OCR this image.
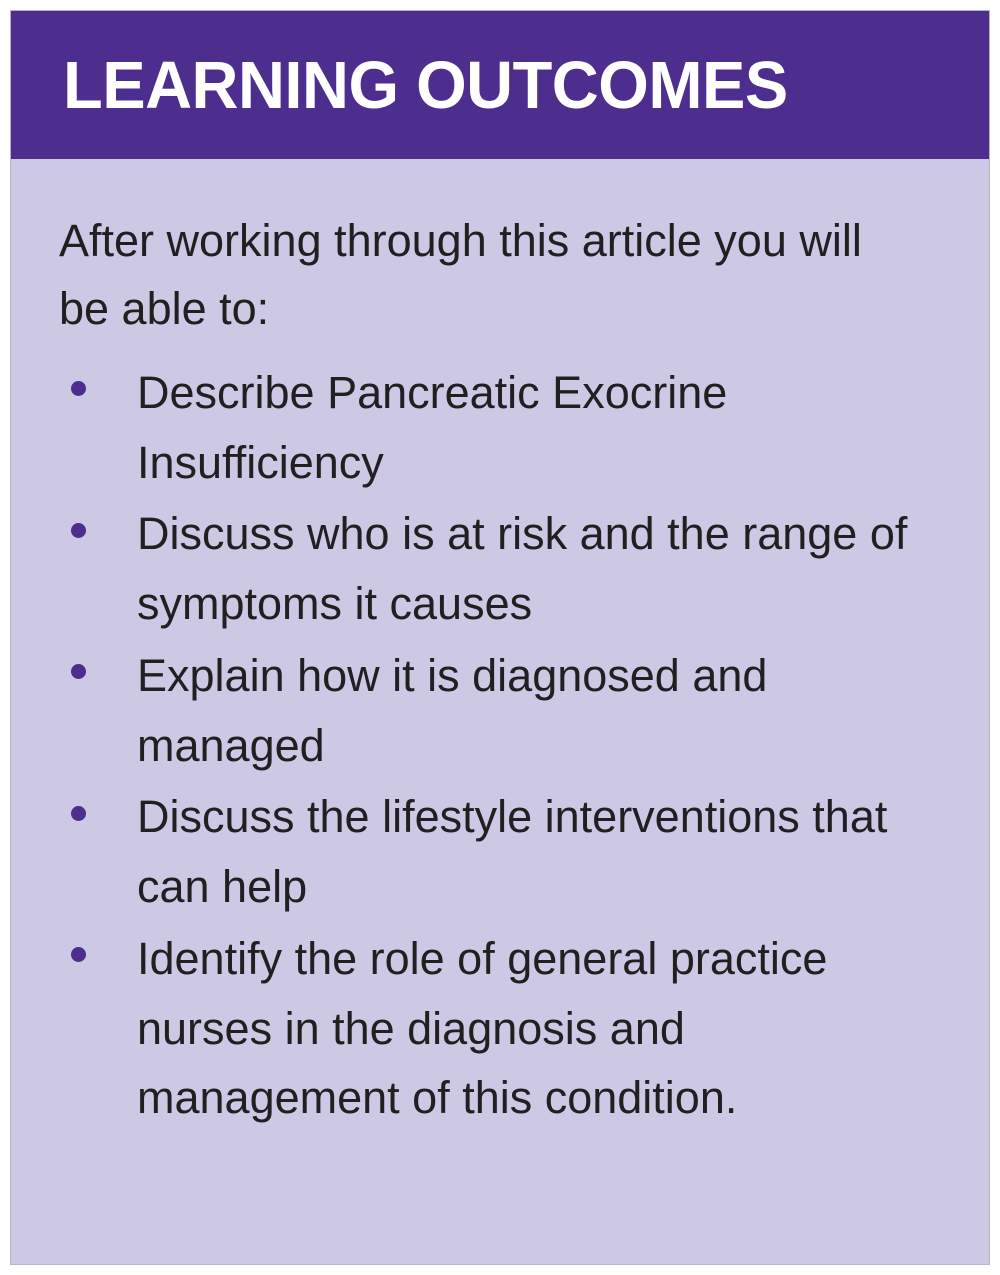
LEARNING OUTCOMES

After working through this article you will be able to:

Describe Pancreatic Exocrine Insufficiency
Discuss who is at risk and the range of symptoms it causes
Explain how it is diagnosed and managed
Discuss the lifestyle interventions that can help
Identify the role of general practice nurses in the diagnosis and management of this condition.
